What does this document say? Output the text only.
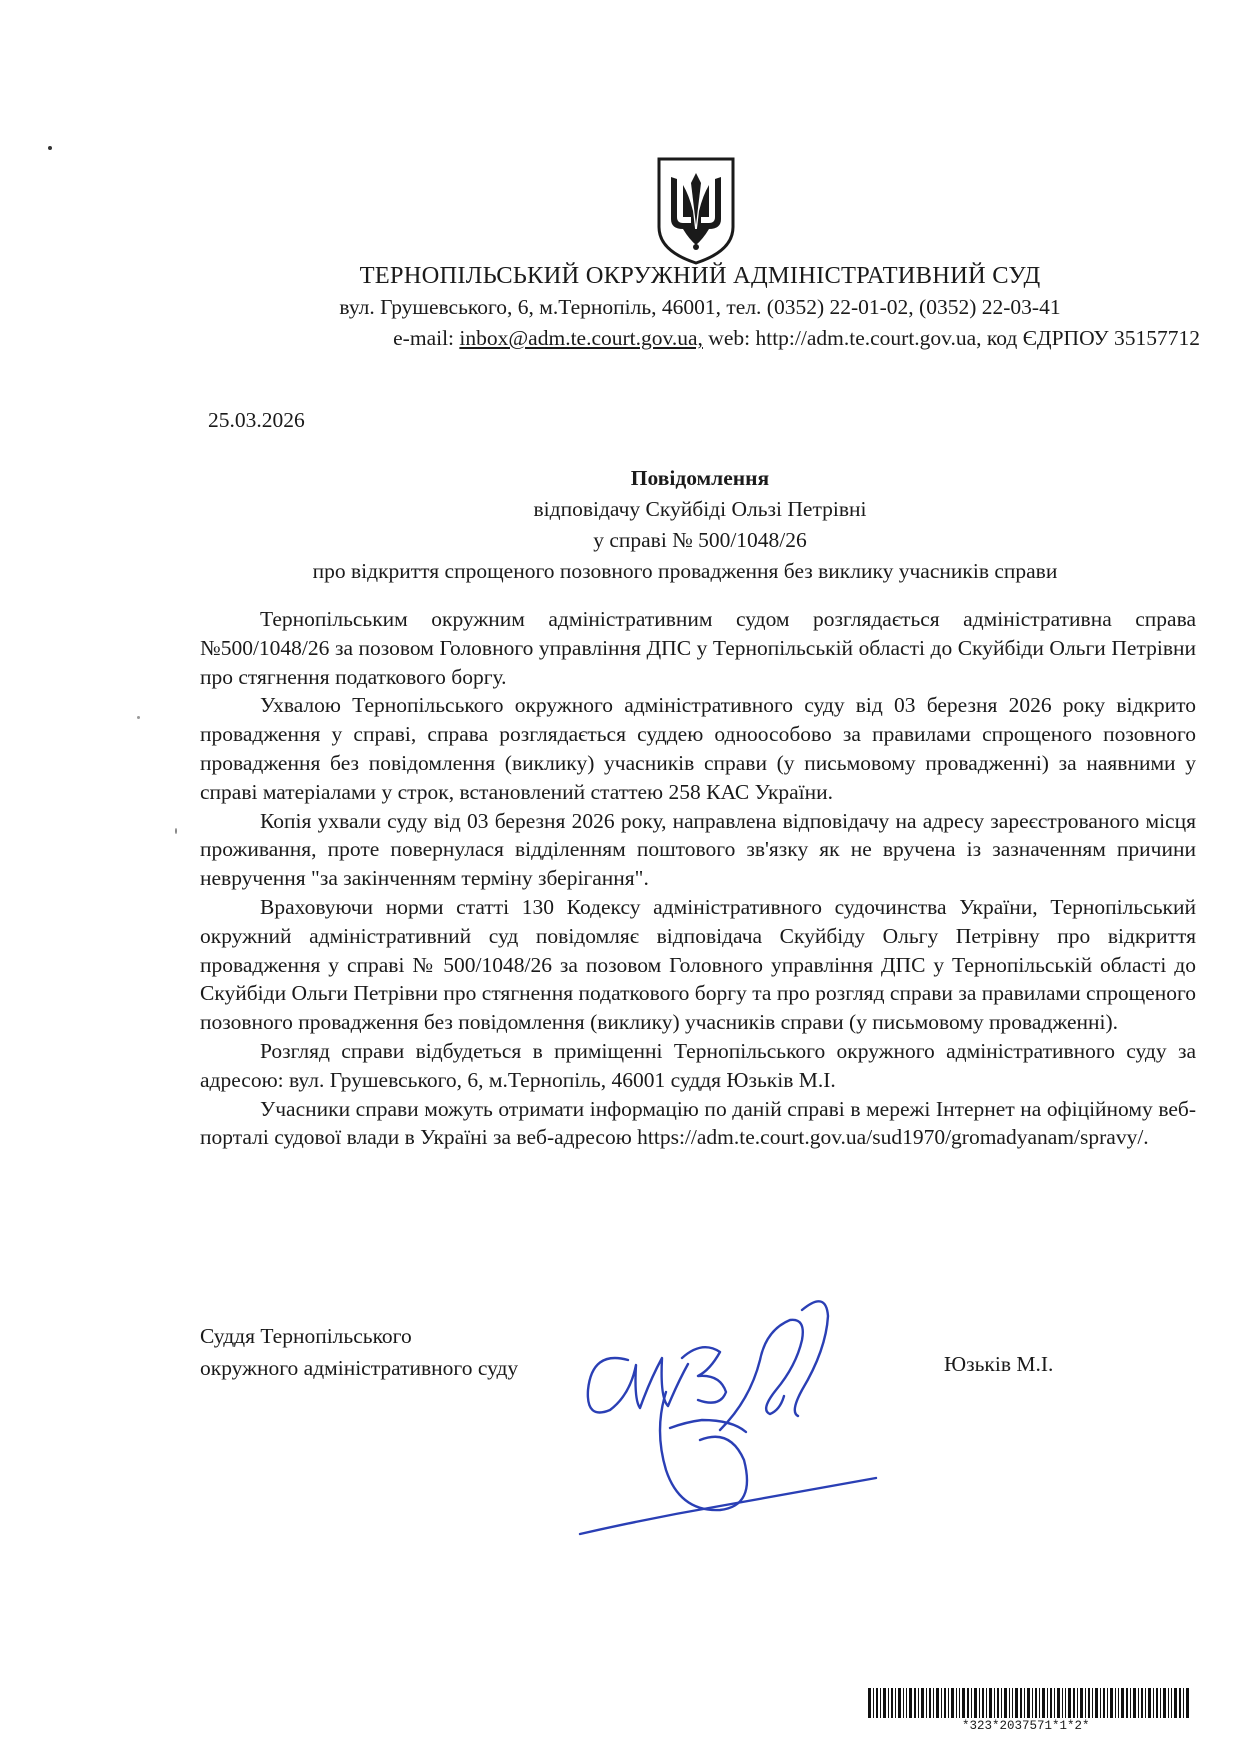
ТЕРНОПІЛЬСЬКИЙ ОКРУЖНИЙ АДМІНІСТРАТИВНИЙ СУД
вул. Грушевського, 6, м.Тернопіль, 46001, тел. (0352) 22-01-02, (0352) 22-03-41
e-mail: inbox@adm.te.court.gov.ua, web: http://adm.te.court.gov.ua, код ЄДРПОУ 35157712
25.03.2026
Повідомлення
відповідачу Скуйбіді Ользі Петрівні
у справі № 500/1048/26
про відкриття спрощеного позовного провадження без виклику учасників справи

Тернопільським окружним адміністративним судом розглядається адміністративна справа №500/1048/26 за позовом Головного управління ДПС у Тернопільській області до Скуйбіди Ольги Петрівни про стягнення податкового боргу.

Ухвалою Тернопільського окружного адміністративного суду від 03 березня 2026 року відкрито провадження у справі, справа розглядається суддею одноособово за правилами спрощеного позовного провадження без повідомлення (виклику) учасників справи (у письмовому провадженні) за наявними у справі матеріалами у строк, встановлений статтею 258 КАС України.

Копія ухвали суду від 03 березня 2026 року, направлена відповідачу на адресу зареєстрованого місця проживання, проте повернулася відділенням поштового зв'язку як не вручена із зазначенням причини невручення "за закінченням терміну зберігання".

Враховуючи норми статті 130 Кодексу адміністративного судочинства України, Тернопільський окружний адміністративний суд повідомляє відповідача Скуйбіду Ольгу Петрівну про відкриття провадження у справі № 500/1048/26 за позовом Головного управління ДПС у Тернопільській області до Скуйбіди Ольги Петрівни про стягнення податкового боргу та про розгляд справи за правилами спрощеного позовного провадження без повідомлення (виклику) учасників справи (у письмовому провадженні).

Розгляд справи відбудеться в приміщенні Тернопільського окружного адміністративного суду за адресою: вул. Грушевського, 6, м.Тернопіль, 46001 суддя Юзьків М.І.

Учасники справи можуть отримати інформацію по даній справі в мережі Інтернет на офіційному веб-порталі судової влади в Україні за веб-адресою https://adm.te.court.gov.ua/sud1970/gromadyanam/spravy/.

Суддя Тернопільського
окружного адміністративного суду	Юзьків М.І.
*323*2037571*1*2*
